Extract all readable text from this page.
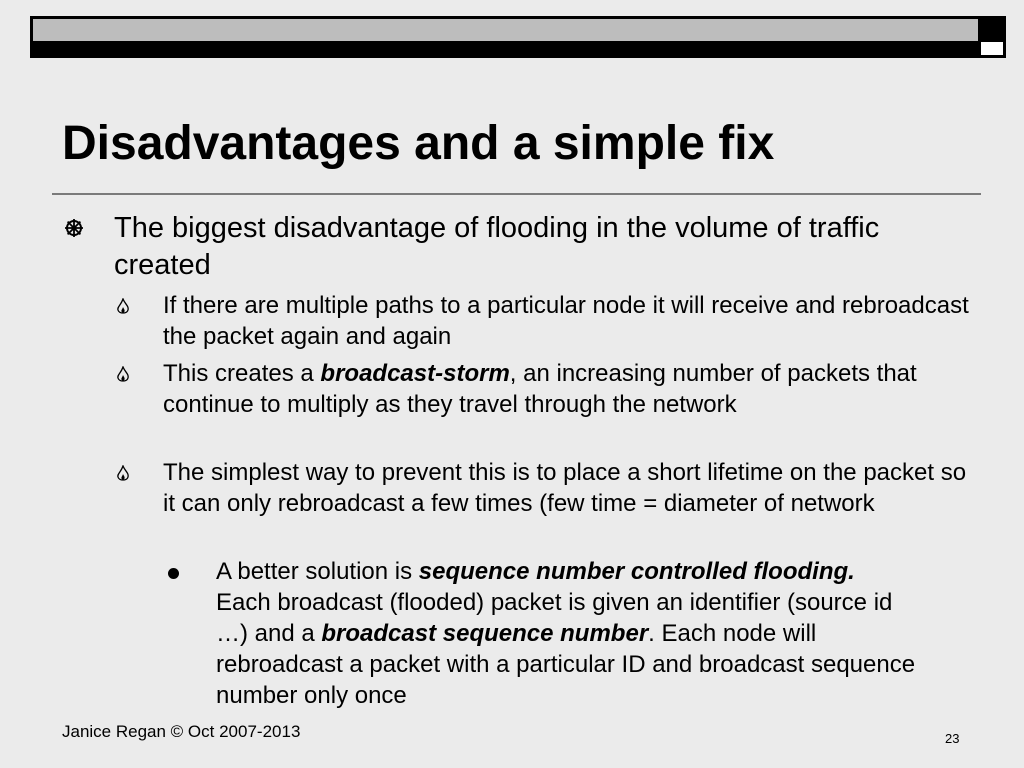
Disadvantages and a simple fix
The biggest disadvantage of flooding in the volume of traffic created
If there are multiple paths to a particular node it will receive and rebroadcast the packet again and again
This creates a broadcast-storm, an increasing number of packets that continue to multiply as they travel through the network
The simplest way to prevent this is to place a short lifetime on the packet so it can only rebroadcast a few times (few time = diameter of network
A better solution is sequence number controlled flooding. Each broadcast (flooded) packet is given an identifier (source id …) and a broadcast sequence number. Each node will rebroadcast a packet with a particular ID and broadcast sequence number only once
Janice Regan © Oct 2007-2013	23
